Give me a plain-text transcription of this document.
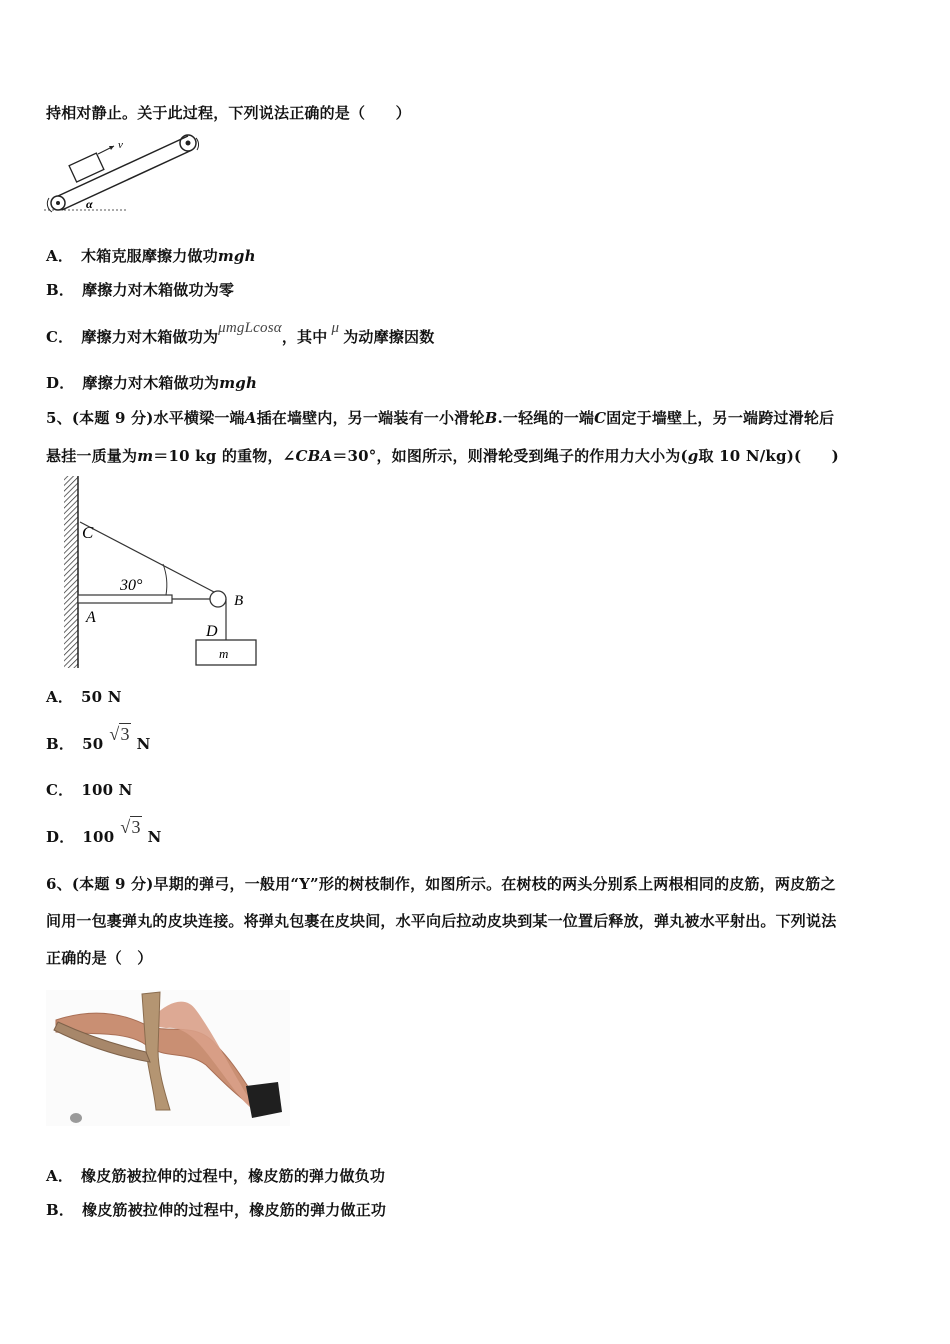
持相对静止。关于此过程，下列说法正确的是（　　）
v
α
A． 木箱克服摩擦力做功mgh
B． 摩擦力对木箱做功为零
C． 摩擦力对木箱做功为μmgLcosα，其中 μ 为动摩擦因数
D． 摩擦力对木箱做功为mgh
5、(本题 9 分)水平横梁一端A插在墙壁内，另一端装有一小滑轮B.一轻绳的一端C固定于墙壁上，另一端跨过滑轮后
悬挂一质量为m＝10 kg 的重物，∠CBA＝30°，如图所示，则滑轮受到绳子的作用力大小为(g取 10 N/kg)(　　)
C
30°
B
A
D
m
A． 50 N
B． 50 √3 N
C． 100 N
D． 100 √3 N
6、(本题 9 分)早期的弹弓，一般用“Y”形的树枝制作，如图所示。在树枝的两头分别系上两根相同的皮筋，两皮筋之
间用一包裹弹丸的皮块连接。将弹丸包裹在皮块间，水平向后拉动皮块到某一位置后释放，弹丸被水平射出。下列说法
正确的是（　）
A． 橡皮筋被拉伸的过程中，橡皮筋的弹力做负功
B． 橡皮筋被拉伸的过程中，橡皮筋的弹力做正功
